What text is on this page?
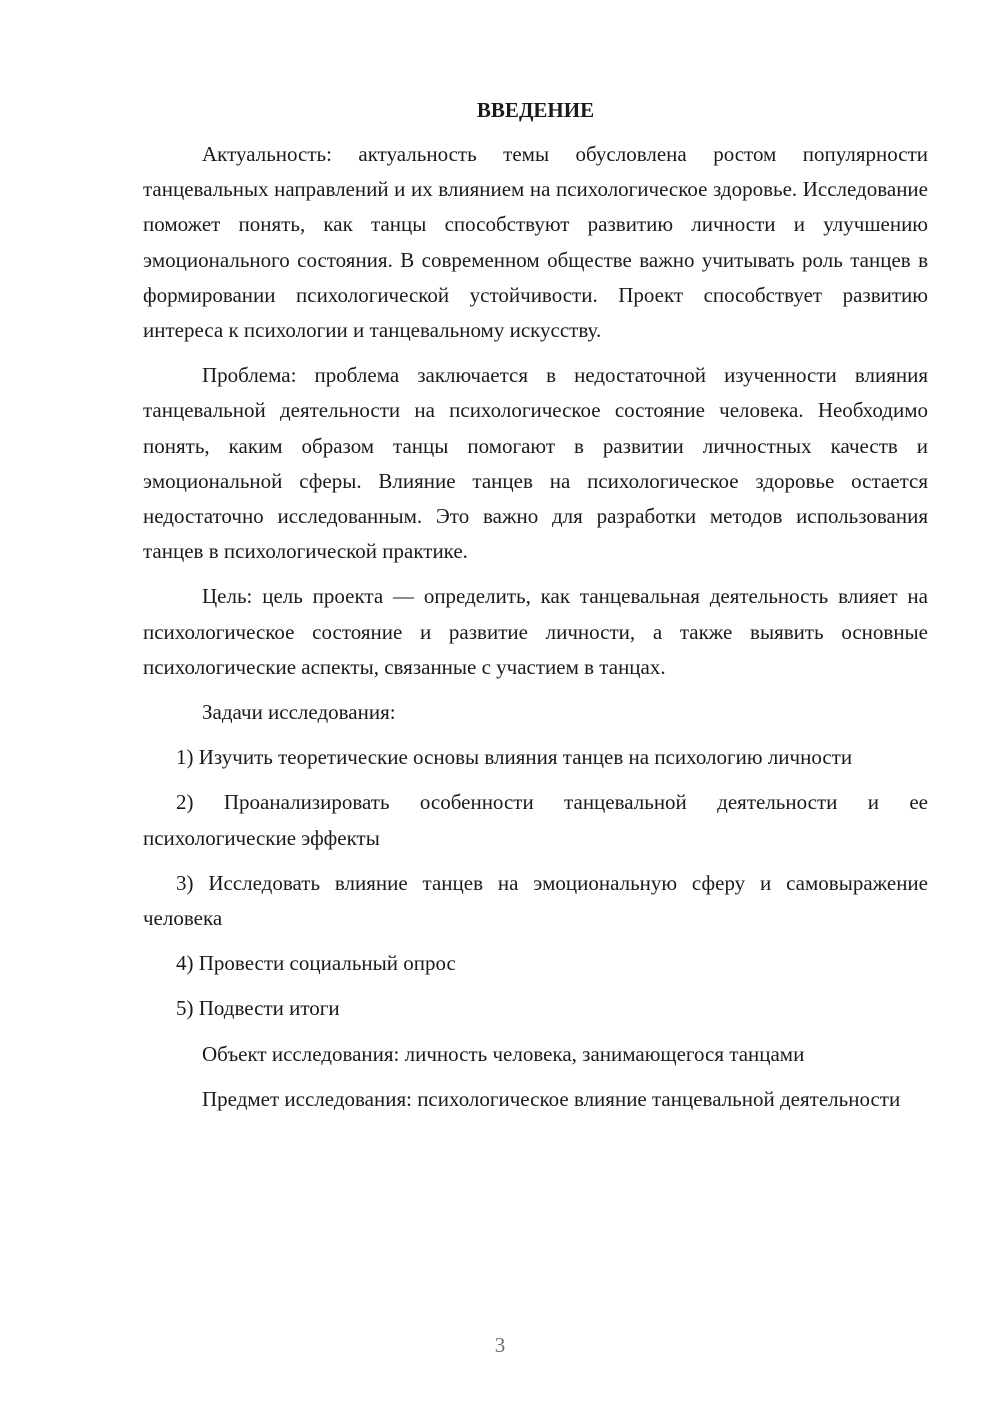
ВВЕДЕНИЕ

Актуальность: актуальность темы обусловлена ростом популярности танцевальных направлений и их влиянием на психологическое здоровье. Исследование поможет понять, как танцы способствуют развитию личности и улучшению эмоционального состояния. В современном обществе важно учитывать роль танцев в формировании психологической устойчивости. Проект способствует развитию интереса к психологии и танцевальному искусству.

Проблема: проблема заключается в недостаточной изученности влияния танцевальной деятельности на психологическое состояние человека. Необходимо понять, каким образом танцы помогают в развитии личностных качеств и эмоциональной сферы. Влияние танцев на психологическое здоровье остается недостаточно исследованным. Это важно для разработки методов использования танцев в психологической практике.

Цель: цель проекта — определить, как танцевальная деятельность влияет на психологическое состояние и развитие личности, а также выявить основные психологические аспекты, связанные с участием в танцах.

Задачи исследования:

1) Изучить теоретические основы влияния танцев на психологию личности

2) Проанализировать особенности танцевальной деятельности и ее психологические эффекты

3) Исследовать влияние танцев на эмоциональную сферу и самовыражение человека

4) Провести социальный опрос

5) Подвести итоги

Объект исследования: личность человека, занимающегося танцами

Предмет исследования: психологическое влияние танцевальной деятельности

3
